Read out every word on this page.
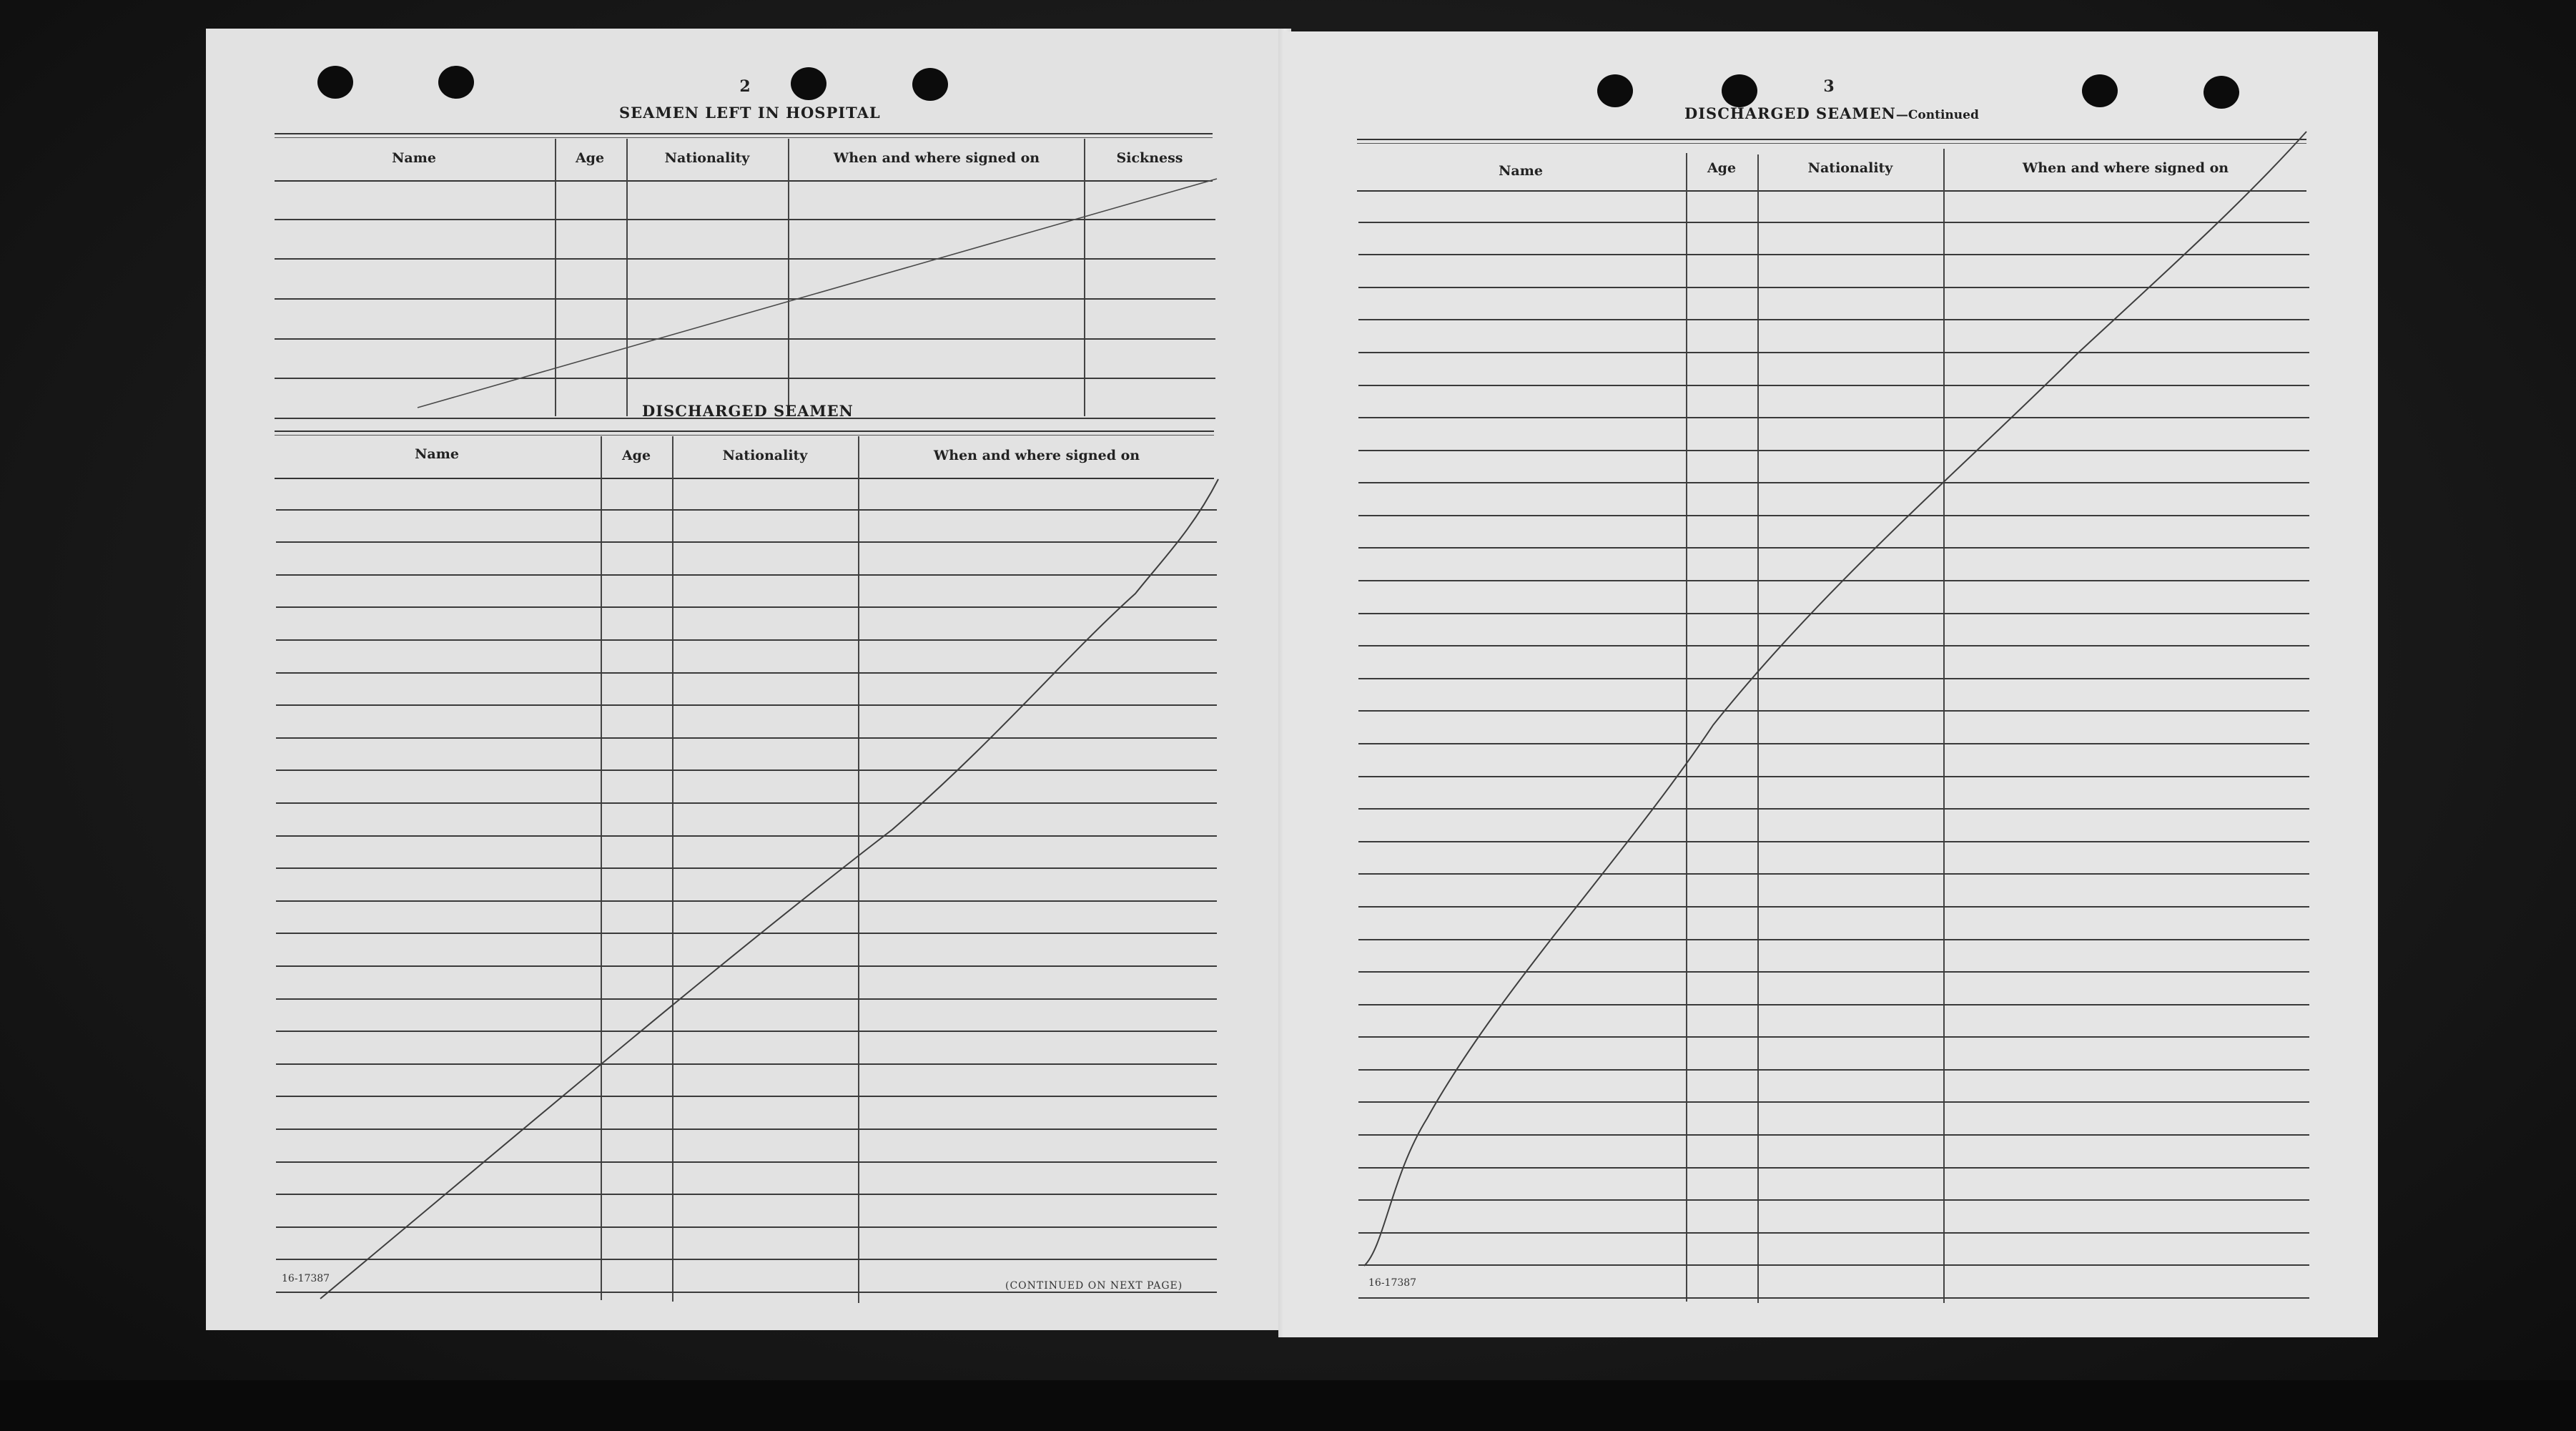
2
SEAMEN LEFT IN HOSPITAL
Name	Age	Nationality	When and where signed on	Sickness
DISCHARGED SEAMEN
Name	Age	Nationality	When and where signed on
16-17387
(CONTINUED ON NEXT PAGE)
3
DISCHARGED SEAMEN—Continued
Name	Age	Nationality	When and where signed on
16-17387
